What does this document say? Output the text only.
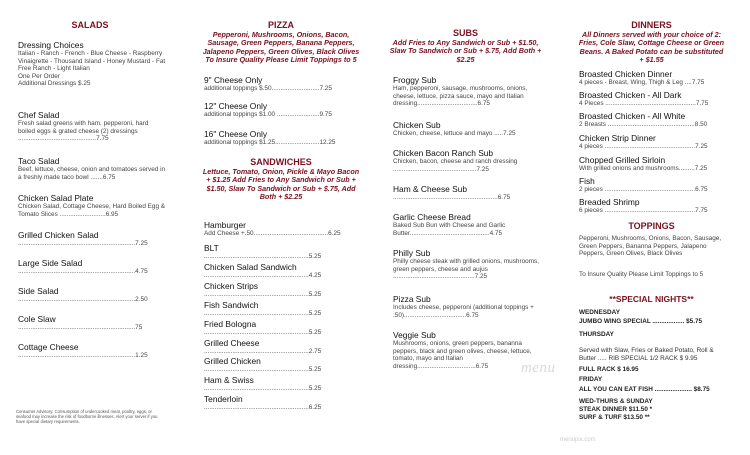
SALADS
Dressing Choices
Italian - Ranch - French - Blue Cheese - Raspberry Vinaigrette - Thousand Island - Honey Mustard - Fat Free Ranch - Light Italian
One Per Order
Additional Dressings $.25
Chef Salad
Fresh salad greens with ham, pepperoni, hard boiled eggs & grated cheese (2) dressings ............................................7.75
Taco Salad
Beef, lettuce, cheese, onion and tomatoes served in a freshly made taco bowl .......6.75
Chicken Salad Plate
Chicken Salad, Cottage Cheese, Hard Boiled Egg & Tomato Slices ..........................6.95
Grilled Chicken Salad
..................................................................7.25
Large Side Salad
..................................................................4.75
Side Salad
..................................................................2.50
Cole Slaw
..................................................................75
Cottage Cheese
..................................................................1.25
Consumer Advisory: Consumption of undercooked meat, poultry, eggs, or seafood may increase the risk of foodborne illnesses. Alert your server if you have special dietary requirements.
PIZZA
Pepperoni, Mushrooms, Onions, Bacon, Sausage, Green Peppers, Banana Peppers, Jalapeno Peppers, Green Olives, Black Olives To Insure Quality Please Limit Toppings to 5
9" Cheese Only
additional toppings $.50...........................7.25
12" Cheese Only
additional toppings $1.00 ........................9.75
16" Cheese Only
additional toppings $1.25.........................12.25
SANDWICHES
Lettuce, Tomato, Onion, Pickle & Mayo Bacon + $1.25 Add Fries to Any Sandwich or Sub + $1.50, Slaw To Sandwich or Sub + $.75, Add Both + $2.25
Hamburger
Add Cheese +.50..........................................6.25
BLT
...........................................................5.25
Chicken Salad Sandwich
...........................................................4.25
Chicken Strips
...........................................................5.25
Fish Sandwich
...........................................................5.25
Fried Bologna
...........................................................5.25
Grilled Cheese
...........................................................2.75
Grilled Chicken
...........................................................5.25
Ham & Swiss
...........................................................5.25
Tenderloin
...........................................................6.25
SUBS
Add Fries to Any Sandwich or Sub + $1.50, Slaw To Sandwich or Sub + $.75, Add Both + $2.25
Froggy Sub
Ham, pepperoni, sausage, mushrooms, onions, cheese, lettuce, pizza sauce, mayo and Italian dressing..................................6.75
Chicken Sub
Chicken, cheese, lettuce and mayo .....7.25
Chicken Bacon Ranch Sub
Chicken, bacon, cheese and ranch dressing ...............................................7.25
Ham & Cheese Sub
...........................................................6.75
Garlic Cheese Bread
Baked Sub Bun with Cheese and Garlic Butter.............................................4.75
Philly Sub
Philly cheese steak with grilled onions, mushrooms, green peppers, cheese and aujus ..............................................7.25
Pizza Sub
Includes cheese, pepperoni (additional toppings + .50)...................................6.75
Veggie Sub
Mushrooms, onions, green peppers, bananna peppers, black and green olives, cheese, lettuce, tomato, mayo and Italian dressing.................................6.75
DINNERS
All Dinners served with your choice of 2: Fries, Cole Slaw, Cottage Cheese or Green Beans. A Baked Potato can be substituted + $1.55
Broasted Chicken Dinner
4 pieces - Breast, Wing, Thigh & Leg ....7.75
Broasted Chicken - All Dark
4 Pieces ...................................................7.75
Broasted Chicken - All White
2 Breasts .................................................8.50
Chicken Strip Dinner
4 pieces ...................................................7.25
Chopped Grilled Sirloin
With grilled onions and mushrooms.........7.25
Fish
2 pieces ...................................................6.75
Breaded Shrimp
6 pieces ...................................................7.75
TOPPINGS
Pepperoni, Mushrooms, Onions, Bacon, Sausage, Green Peppers, Bananna Peppers, Jalapeno Peppers, Green Olives, Black Olives
To Insure Quality Please Limit Toppings to 5
**SPECIAL NIGHTS**
WEDNESDAY
JUMBO WING SPECIAL .................. $5.75
THURSDAY
Served with Slaw, Fries or Baked Potato, Roll & Butter ..... RIB SPECIAL 1/2 RACK $ 9.95
FULL RACK $ 16.95
FRIDAY
ALL YOU CAN EAT FISH ..................... $8.75
WED-THURS & SUNDAY
STEAK DINNER $11.50 *
SURF & TURF $13.50 **
menu
menupix.com
